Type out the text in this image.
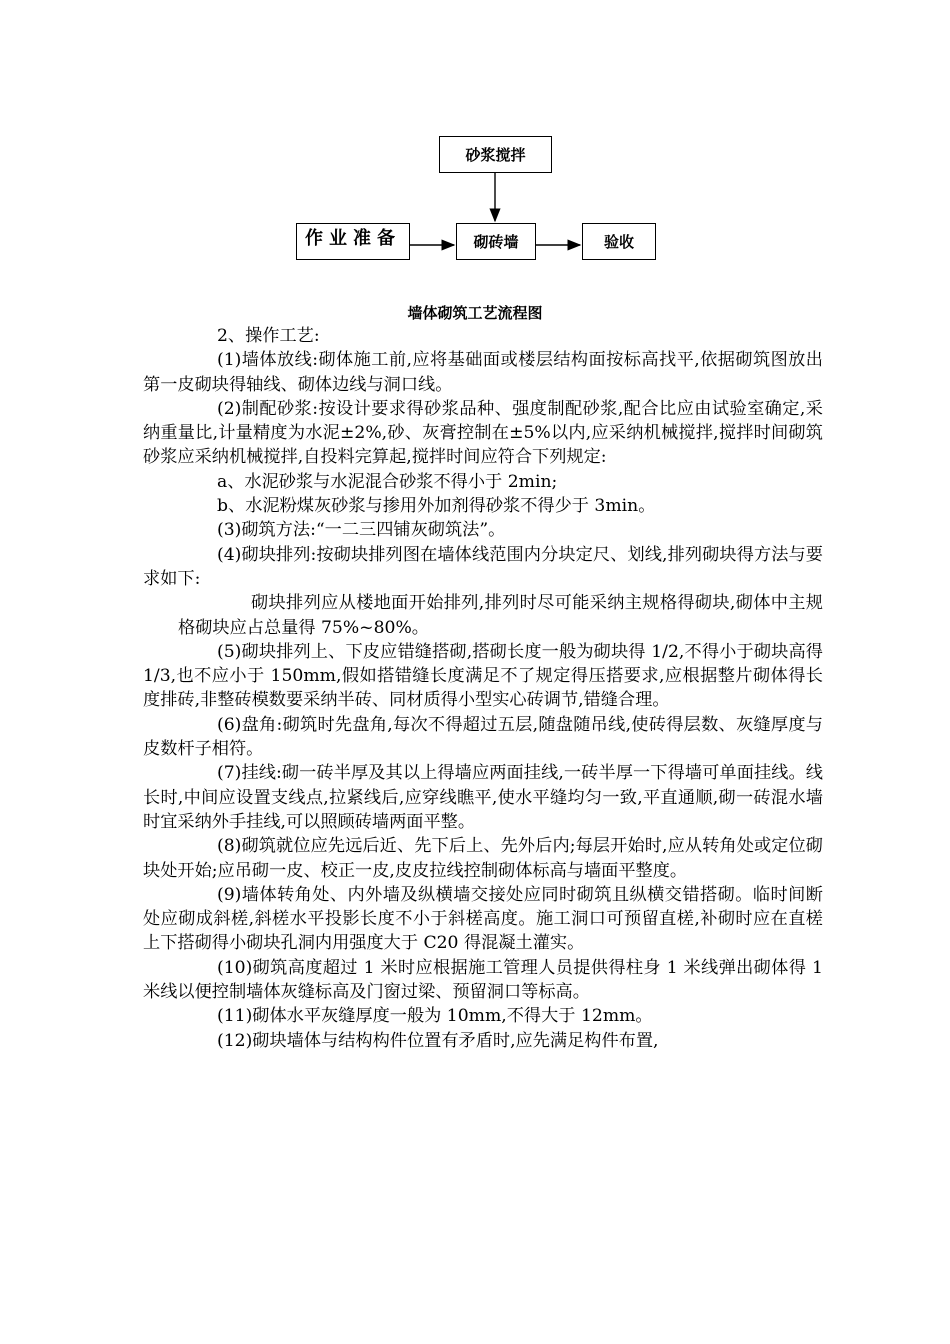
砂浆搅拌
作业准备	砌砖墙	验收
墙体砌筑工艺流程图

2、操作工艺:

(1)墙体放线:砌体施工前,应将基础面或楼层结构面按标高找平,依据砌筑图放出第一皮砌块得轴线、砌体边线与洞口线。

(2)制配砂浆:按设计要求得砂浆品种、强度制配砂浆,配合比应由试验室确定,采纳重量比,计量精度为水泥±2%,砂、灰膏控制在±5%以内,应采纳机械搅拌,搅拌时间砌筑砂浆应采纳机械搅拌,自投料完算起,搅拌时间应符合下列规定:

a、水泥砂浆与水泥混合砂浆不得小于 2min;

b、水泥粉煤灰砂浆与掺用外加剂得砂浆不得少于 3min。

(3)砌筑方法:“一二三四铺灰砌筑法”。

(4)砌块排列:按砌块排列图在墙体线范围内分块定尺、划线,排列砌块得方法与要求如下:

砌块排列应从楼地面开始排列,排列时尽可能采纳主规格得砌块,砌体中主规格砌块应占总量得 75%~80%。

(5)砌块排列上、下皮应错缝搭砌,搭砌长度一般为砌块得 1/2,不得小于砌块高得 1/3,也不应小于 150mm,假如搭错缝长度满足不了规定得压搭要求,应根据整片砌体得长度排砖,非整砖模数要采纳半砖、同材质得小型实心砖调节,错缝合理。

(6)盘角:砌筑时先盘角,每次不得超过五层,随盘随吊线,使砖得层数、灰缝厚度与皮数杆子相符。

(7)挂线:砌一砖半厚及其以上得墙应两面挂线,一砖半厚一下得墙可单面挂线。线长时,中间应设置支线点,拉紧线后,应穿线瞧平,使水平缝均匀一致,平直通顺,砌一砖混水墙时宜采纳外手挂线,可以照顾砖墙两面平整。

(8)砌筑就位应先远后近、先下后上、先外后内;每层开始时,应从转角处或定位砌块处开始;应吊砌一皮、校正一皮,皮皮拉线控制砌体标高与墙面平整度。

(9)墙体转角处、内外墙及纵横墙交接处应同时砌筑且纵横交错搭砌。临时间断处应砌成斜槎,斜槎水平投影长度不小于斜槎高度。施工洞口可预留直槎,补砌时应在直槎上下搭砌得小砌块孔洞内用强度大于 C20 得混凝土灌实。

(10)砌筑高度超过 1 米时应根据施工管理人员提供得柱身 1 米线弹出砌体得 1 米线以便控制墙体灰缝标高及门窗过梁、预留洞口等标高。

(11)砌体水平灰缝厚度一般为 10mm,不得大于 12mm。

(12)砌块墙体与结构构件位置有矛盾时,应先满足构件布置,
